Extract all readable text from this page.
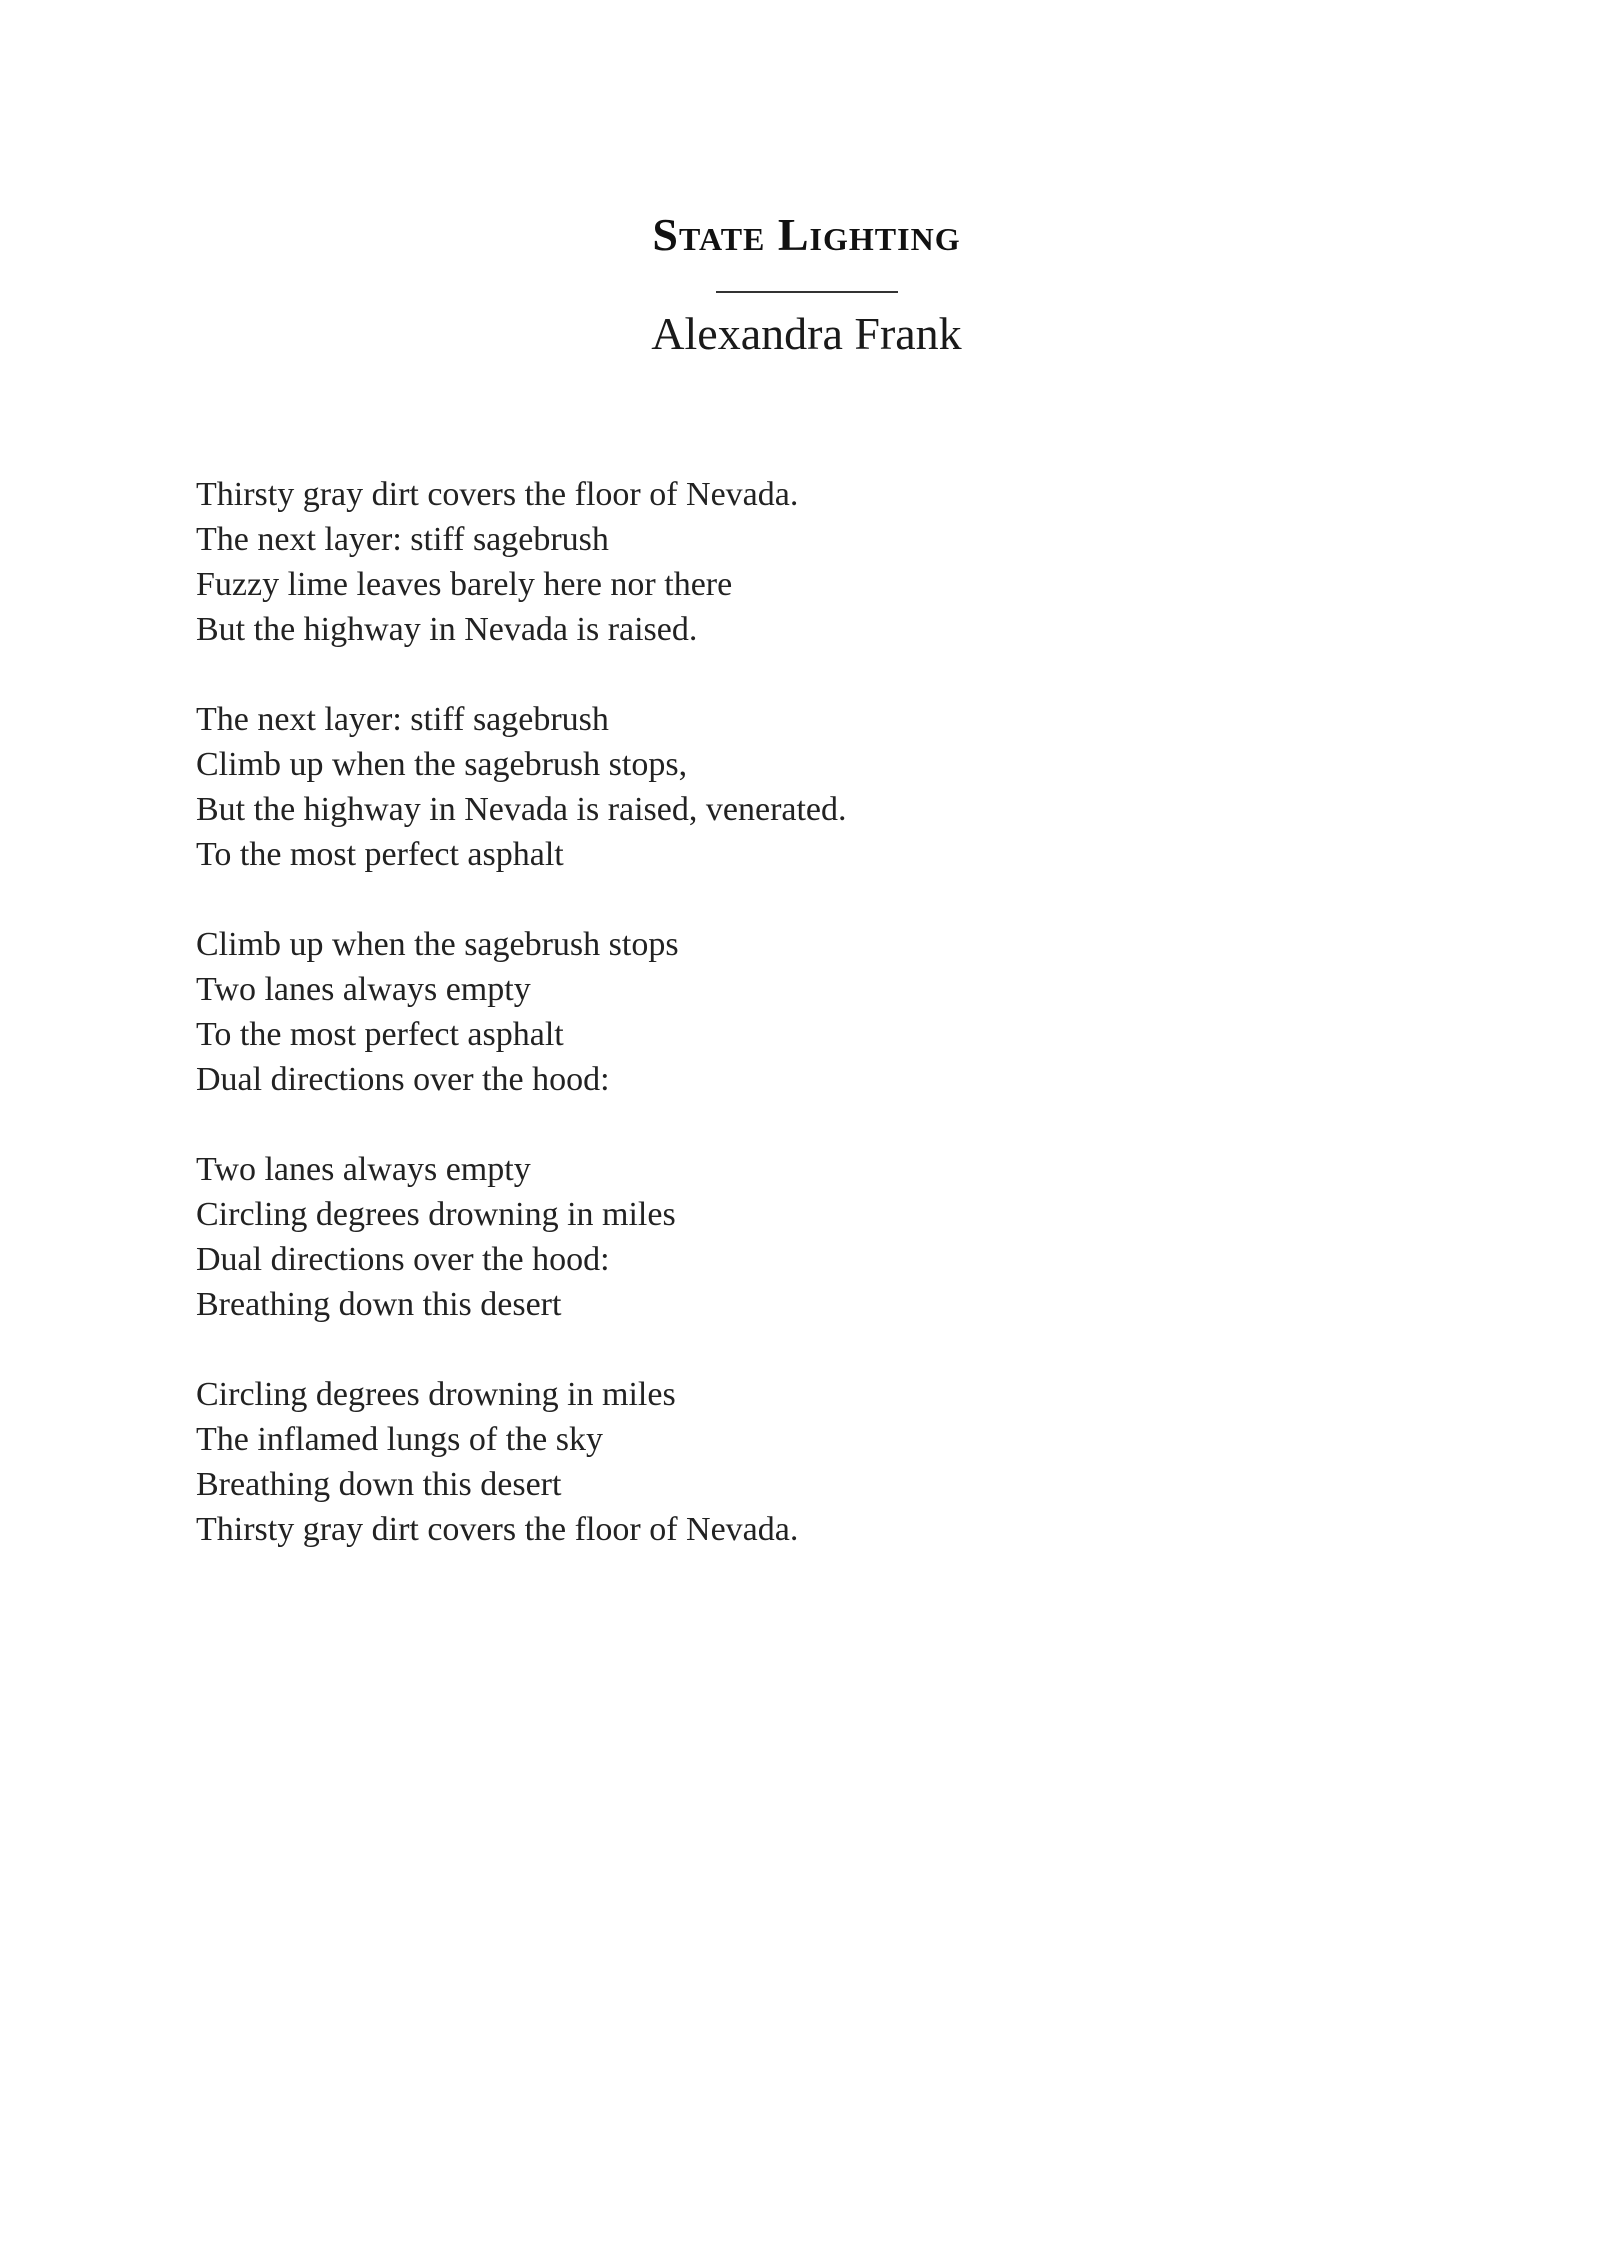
State Lighting
Alexandra Frank
Thirsty gray dirt covers the floor of Nevada.
The next layer: stiff sagebrush
Fuzzy lime leaves barely here nor there
But the highway in Nevada is raised.
The next layer: stiff sagebrush
Climb up when the sagebrush stops,
But the highway in Nevada is raised, venerated.
To the most perfect asphalt
Climb up when the sagebrush stops
Two lanes always empty
To the most perfect asphalt
Dual directions over the hood:
Two lanes always empty
Circling degrees drowning in miles
Dual directions over the hood:
Breathing down this desert
Circling degrees drowning in miles
The inflamed lungs of the sky
Breathing down this desert
Thirsty gray dirt covers the floor of Nevada.
